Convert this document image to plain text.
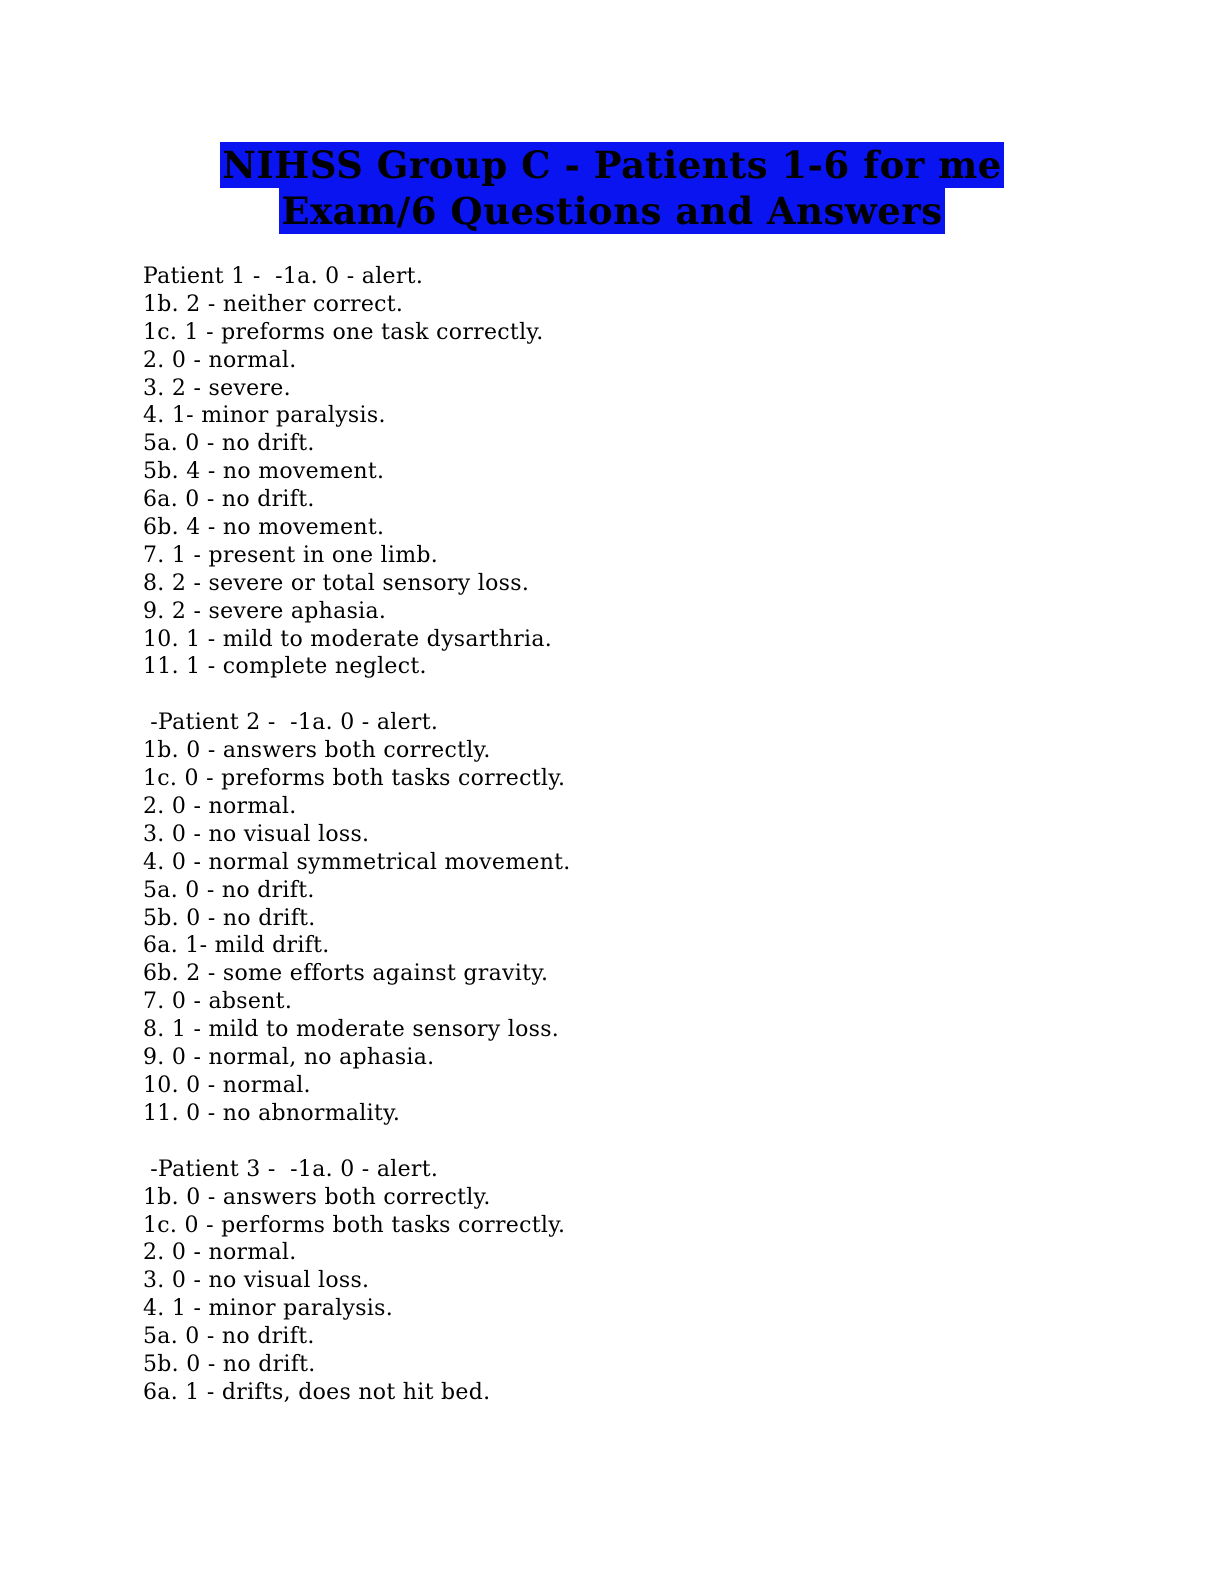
NIHSS Group C - Patients 1-6 for me
Exam/6 Questions and Answers
Patient 1 -  -1a. 0 - alert.
1b. 2 - neither correct.
1c. 1 - preforms one task correctly.
2. 0 - normal.
3. 2 - severe.
4. 1- minor paralysis.
5a. 0 - no drift.
5b. 4 - no movement.
6a. 0 - no drift.
6b. 4 - no movement.
7. 1 - present in one limb.
8. 2 - severe or total sensory loss.
9. 2 - severe aphasia.
10. 1 - mild to moderate dysarthria.
11. 1 - complete neglect.
-Patient 2 -  -1a. 0 - alert.
1b. 0 - answers both correctly.
1c. 0 - preforms both tasks correctly.
2. 0 - normal.
3. 0 - no visual loss.
4. 0 - normal symmetrical movement.
5a. 0 - no drift.
5b. 0 - no drift.
6a. 1- mild drift.
6b. 2 - some efforts against gravity.
7. 0 - absent.
8. 1 - mild to moderate sensory loss.
9. 0 - normal, no aphasia.
10. 0 - normal.
11. 0 - no abnormality.
-Patient 3 -  -1a. 0 - alert.
1b. 0 - answers both correctly.
1c. 0 - performs both tasks correctly.
2. 0 - normal.
3. 0 - no visual loss.
4. 1 - minor paralysis.
5a. 0 - no drift.
5b. 0 - no drift.
6a. 1 - drifts, does not hit bed.
